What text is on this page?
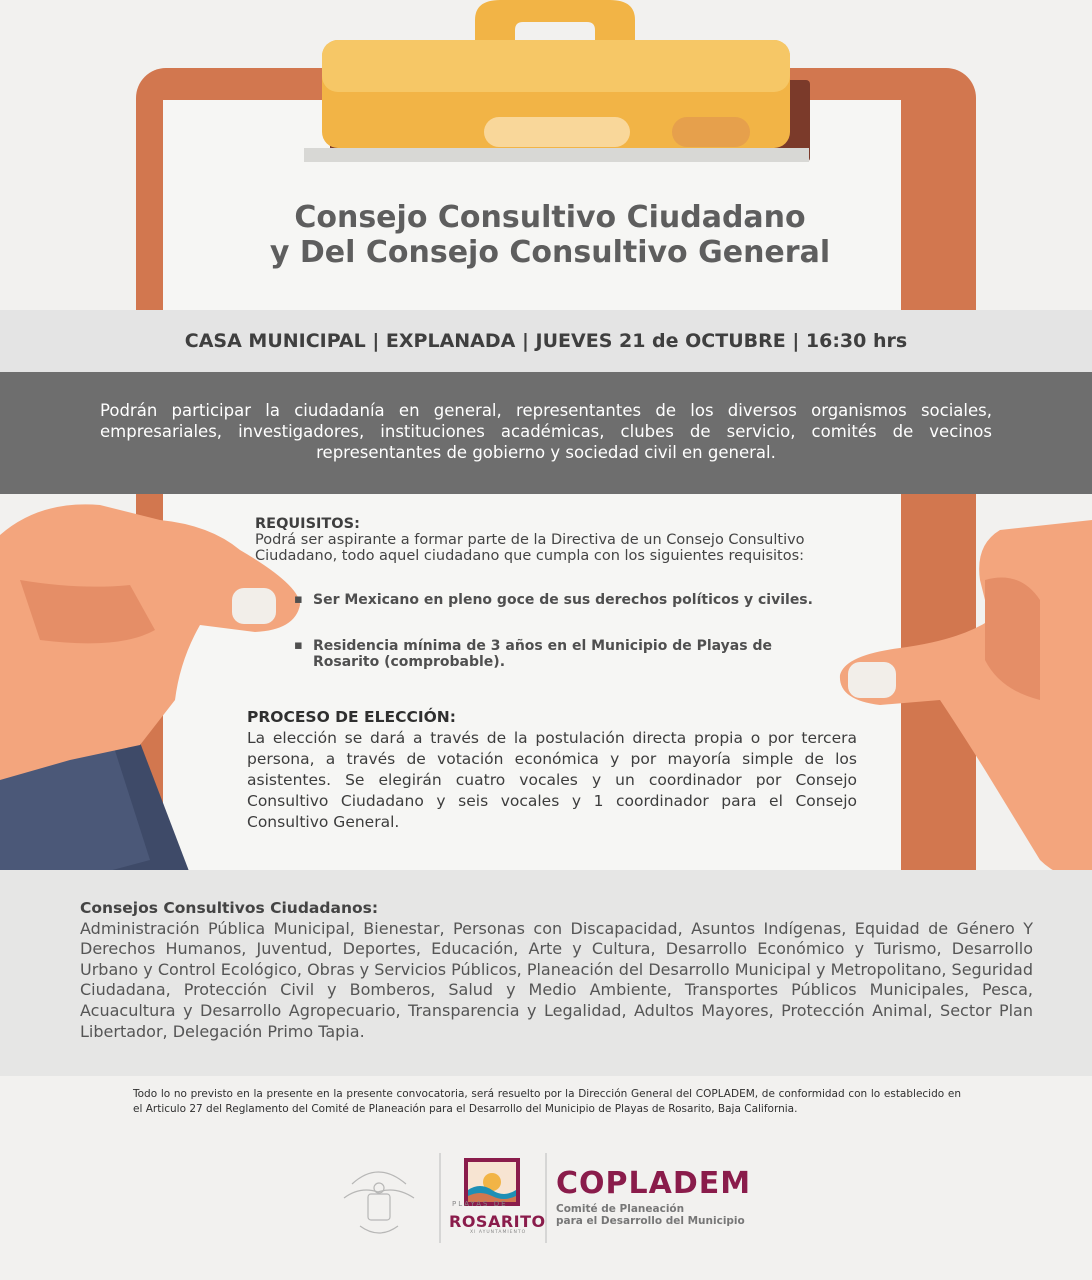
Consejo Consultivo Ciudadano
y Del Consejo Consultivo General
CASA MUNICIPAL | EXPLANADA | JUEVES 21 de OCTUBRE | 16:30 hrs

Podrán participar la ciudadanía en general, representantes de los diversos organismos sociales, empresariales, investigadores, instituciones académicas, clubes de servicio, comités de vecinos representantes de gobierno y sociedad civil en general.

REQUISITOS:

Podrá ser aspirante a formar parte de la Directiva de un Consejo Consultivo Ciudadano, todo aquel ciudadano que cumpla con los siguientes requisitos:

▪ Ser Mexicano en pleno goce de sus derechos políticos y civiles.
▪ Residencia mínima de 3 años en el Municipio de Playas de Rosarito (comprobable).
PROCESO DE ELECCIÓN:

La elección se dará a través de la postulación directa propia o por tercera persona, a través de votación económica y por mayoría simple de los asistentes. Se elegirán cuatro vocales y un coordinador por Consejo Consultivo Ciudadano y seis vocales y 1 coordinador para el Consejo Consultivo General.

Consejos Consultivos Ciudadanos:

Administración Pública Municipal, Bienestar, Personas con Discapacidad, Asuntos Indígenas, Equidad de Género Y Derechos Humanos, Juventud, Deportes, Educación, Arte y Cultura, Desarrollo Económico y Turismo, Desarrollo Urbano y Control Ecológico, Obras y Servicios Públicos, Planeación del Desarrollo Municipal y Metropolitano, Seguridad Ciudadana, Protección Civil y Bomberos, Salud y Medio Ambiente, Transportes Públicos Municipales, Pesca, Acuacultura y Desarrollo Agropecuario, Transparencia y Legalidad, Adultos Mayores, Protección Animal, Sector Plan Libertador, Delegación Primo Tapia.

Todo lo no previsto en la presente en la presente convocatoria, será resuelto por la Dirección General del COPLADEM, de conformidad con lo establecido en el Articulo 27 del Reglamento del Comité de Planeación para el Desarrollo del Municipio de Playas de Rosarito, Baja California.
PLAYAS DE
ROSARITO
XI AYUNTAMIENTO
COPLADEM
Comité de Planeación
para el Desarrollo del Municipio
